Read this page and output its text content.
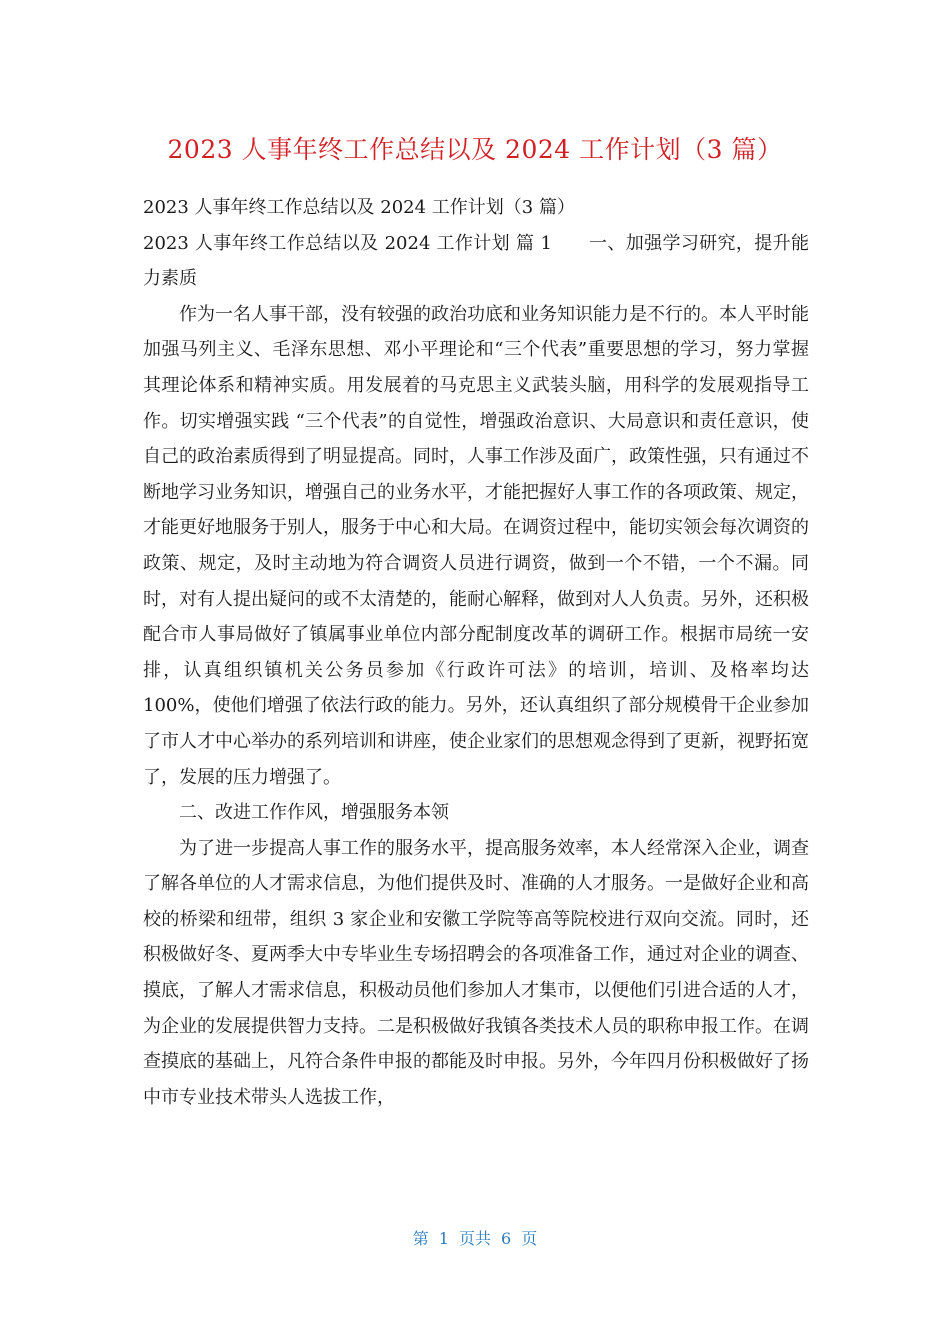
2023 人事年终工作总结以及 2024 工作计划（3 篇）

2023 人事年终工作总结以及 2024 工作计划（3 篇）

2023 人事年终工作总结以及 2024 工作计划 篇 1　　一、加强学习研究，提升能力素质

作为一名人事干部，没有较强的政治功底和业务知识能力是不行的。本人平时能加强马列主义、毛泽东思想、邓小平理论和“三个代表”重要思想的学习，努力掌握其理论体系和精神实质。用发展着的马克思主义武装头脑，用科学的发展观指导工作。切实增强实践 “三个代表”的自觉性，增强政治意识、大局意识和责任意识，使自己的政治素质得到了明显提高。同时，人事工作涉及面广，政策性强，只有通过不断地学习业务知识，增强自己的业务水平，才能把握好人事工作的各项政策、规定，才能更好地服务于别人，服务于中心和大局。在调资过程中，能切实领会每次调资的政策、规定，及时主动地为符合调资人员进行调资，做到一个不错，一个不漏。同时，对有人提出疑问的或不太清楚的，能耐心解释，做到对人人负责。另外，还积极配合市人事局做好了镇属事业单位内部分配制度改革的调研工作。根据市局统一安排，认真组织镇机关公务员参加《行政许可法》的培训，培训、及格率均达 100%，使他们增强了依法行政的能力。另外，还认真组织了部分规模骨干企业参加了市人才中心举办的系列培训和讲座，使企业家们的思想观念得到了更新，视野拓宽了，发展的压力增强了。

二、改进工作作风，增强服务本领

为了进一步提高人事工作的服务水平，提高服务效率，本人经常深入企业，调查了解各单位的人才需求信息，为他们提供及时、准确的人才服务。一是做好企业和高校的桥梁和纽带，组织 3 家企业和安徽工学院等高等院校进行双向交流。同时，还积极做好冬、夏两季大中专毕业生专场招聘会的各项准备工作，通过对企业的调查、摸底，了解人才需求信息，积极动员他们参加人才集市，以便他们引进合适的人才，为企业的发展提供智力支持。二是积极做好我镇各类技术人员的职称申报工作。在调查摸底的基础上，凡符合条件申报的都能及时申报。另外，今年四月份积极做好了扬中市专业技术带头人选拔工作，

第 1 页共 6 页
